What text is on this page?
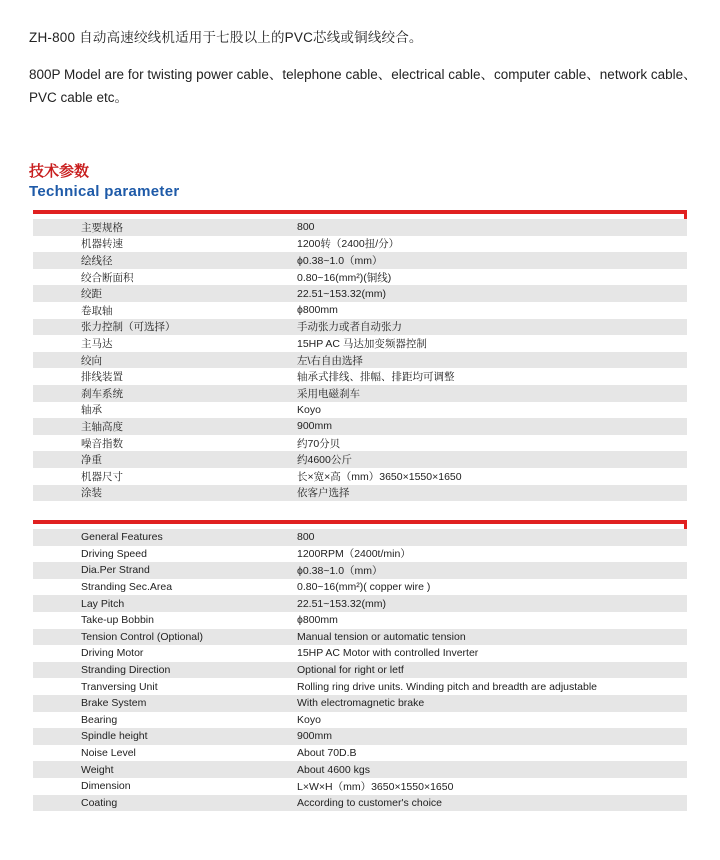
ZH-800 自动高速绞线机适用于七股以上的PVC芯线或铜线绞合。
800P Model are for twisting power cable、telephone cable、electrical cable、computer cable、network cable、PVC cable etc。
技术参数
Technical parameter
主要规格	800
机器转速	1200转（2400扭/分）
绘线径	ϕ0.38~1.0（mm）
绞合断面积	0.80~16(mm²)(铜线)
绞距	22.51~153.32(mm)
卷取轴	ϕ800mm
张力控制（可选择）	手动张力或者自动张力
主马达	15HP AC 马达加变频器控制
绞向	左\右自由选择
排线装置	轴承式排线、排幅、排距均可调整
刹车系统	采用电磁刹车
轴承	Koyo
主轴高度	900mm
噪音指数	约70分贝
净重	约4600公斤
机器尺寸	长×宽×高（mm）3650×1550×1650
涂装	依客户选择
General Features	800
Driving Speed	1200RPM（2400t/min）
Dia.Per Strand	ϕ0.38~1.0（mm）
Stranding Sec.Area	0.80~16(mm²)( copper wire )
Lay Pitch	22.51~153.32(mm)
Take-up Bobbin	ϕ800mm
Tension Control (Optional)	Manual tension or automatic tension
Driving Motor	15HP AC Motor with controlled Inverter
Stranding Direction	Optional for right or letf
Tranversing Unit	Rolling ring drive units. Winding pitch and breadth are adjustable
Brake System	With electromagnetic brake
Bearing	Koyo
Spindle height	900mm
Noise Level	About 70D.B
Weight	About 4600 kgs
Dimension	L×W×H（mm）3650×1550×1650
Coating	According to customer's choice
